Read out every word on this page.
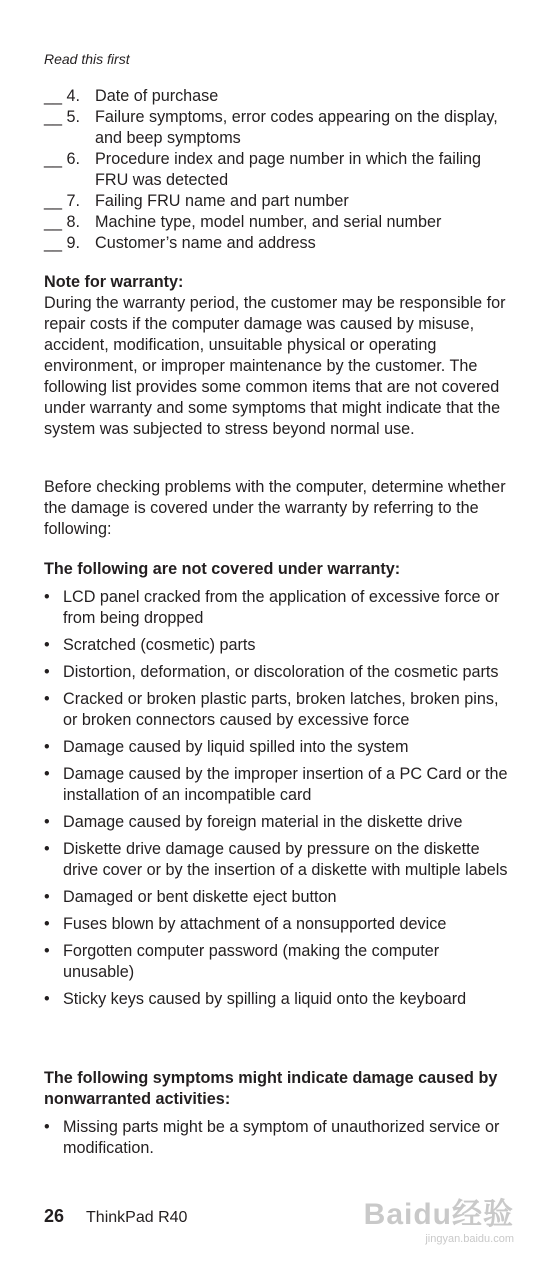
Read this first
__ 4. Date of purchase
__ 5. Failure symptoms, error codes appearing on the display, and beep symptoms
__ 6. Procedure index and page number in which the failing FRU was detected
__ 7. Failing FRU name and part number
__ 8. Machine type, model number, and serial number
__ 9. Customer’s name and address
Note for warranty:
During the warranty period, the customer may be responsible for repair costs if the computer damage was caused by misuse, accident, modification, unsuitable physical or operating environment, or improper maintenance by the customer. The following list provides some common items that are not covered under warranty and some symptoms that might indicate that the system was subjected to stress beyond normal use.
Before checking problems with the computer, determine whether the damage is covered under the warranty by referring to the following:
The following are not covered under warranty:
• LCD panel cracked from the application of excessive force or from being dropped
• Scratched (cosmetic) parts
• Distortion, deformation, or discoloration of the cosmetic parts
• Cracked or broken plastic parts, broken latches, broken pins, or broken connectors caused by excessive force
• Damage caused by liquid spilled into the system
• Damage caused by the improper insertion of a PC Card or the installation of an incompatible card
• Damage caused by foreign material in the diskette drive
• Diskette drive damage caused by pressure on the diskette drive cover or by the insertion of a diskette with multiple labels
• Damaged or bent diskette eject button
• Fuses blown by attachment of a nonsupported device
• Forgotten computer password (making the computer unusable)
• Sticky keys caused by spilling a liquid onto the keyboard
The following symptoms might indicate damage caused by nonwarranted activities:
• Missing parts might be a symptom of unauthorized service or modification.
26 ThinkPad R40	Baidu经验
jingyan.baidu.com
